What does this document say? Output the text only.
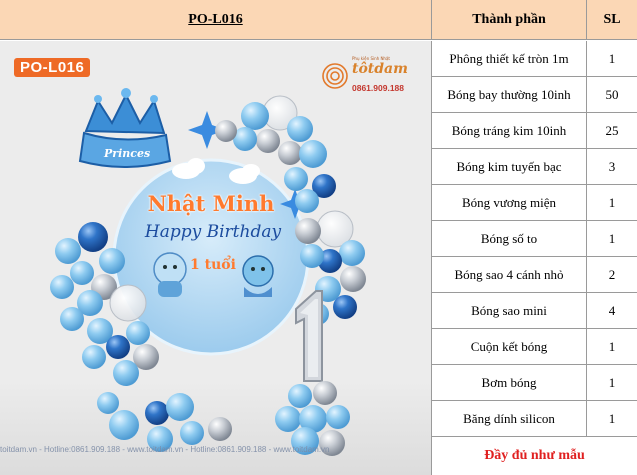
PO-L016	Thành phần	SL
Princes
PO-L016
Phụ kiện Sinh Nhật
tôtdam
0861.909.188
Nhật Minh
Happy Birthday
1 tuổi
toitdam.vn - Hotline:0861.909.188 - www.toitdam.vn - Hotline:0861.909.188 - www.toitdam.vn
Phông thiết kế tròn 1m	1
Bóng bay thường 10inh	50
Bóng tráng kim 10inh	25
Bóng kim tuyến bạc	3
Bóng vương miện	1
Bóng số to	1
Bóng sao 4 cánh nhỏ	2
Bóng sao mini	4
Cuộn kết bóng	1
Bơm bóng	1
Băng dính silicon	1
Đầy đủ như mẫu
